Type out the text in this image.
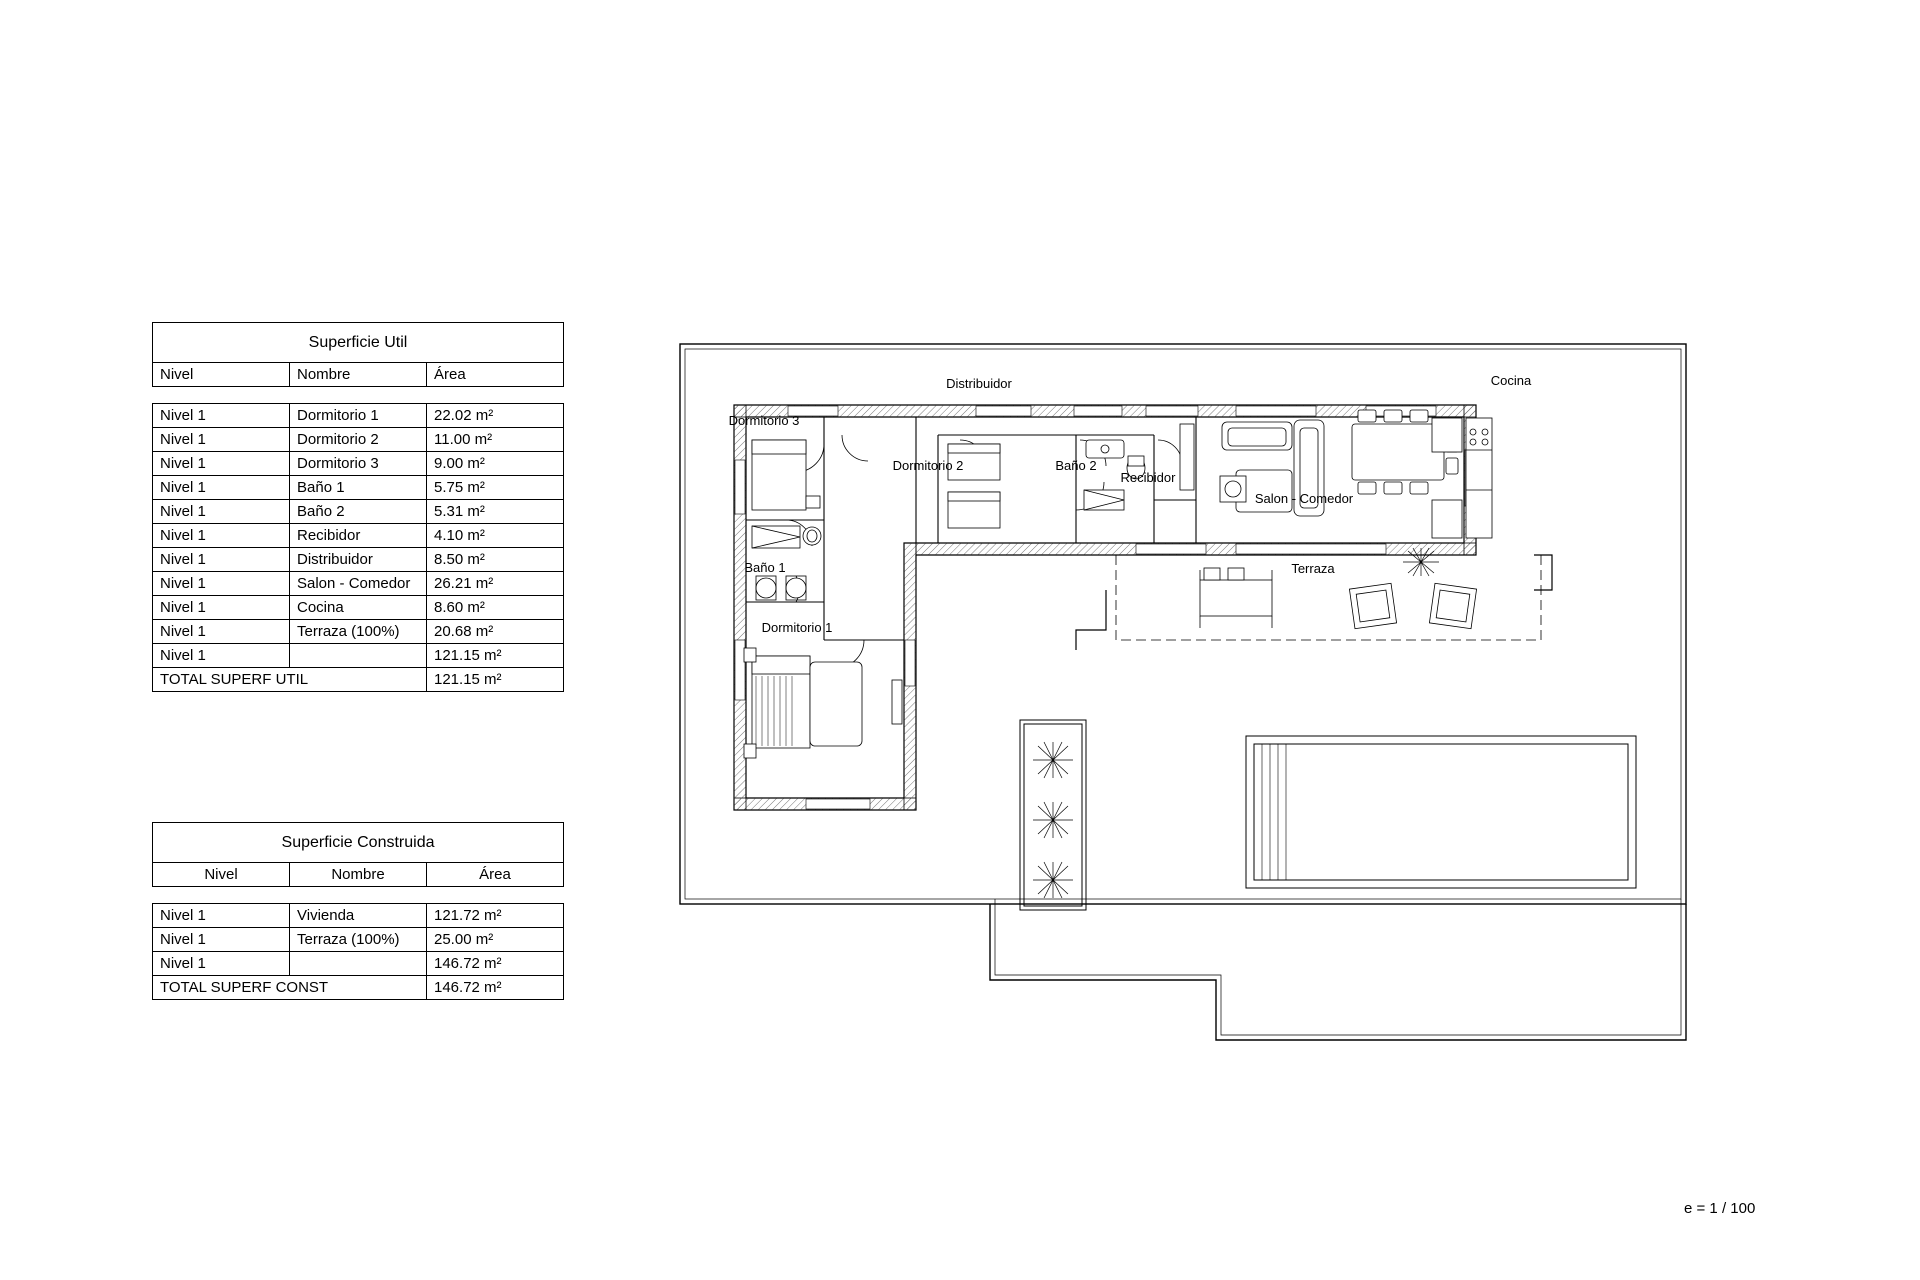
Superficie Util		
Nivel	Nombre	Área

Nivel 1	Dormitorio 1	22.02 m²
Nivel 1	Dormitorio 2	11.00 m²
Nivel 1	Dormitorio 3	9.00 m²
Nivel 1	Baño 1	5.75 m²
Nivel 1	Baño 2	5.31 m²
Nivel 1	Recibidor	4.10 m²
Nivel 1	Distribuidor	8.50 m²
Nivel 1	Salon - Comedor	26.21 m²
Nivel 1	Cocina	8.60 m²
Nivel 1	Terraza (100%)	20.68 m²
Nivel 1		121.15 m²
TOTAL SUPERF UTIL		121.15 m²
Superficie Construida		
Nivel	Nombre	Área

Nivel 1	Vivienda	121.72 m²
Nivel 1	Terraza (100%)	25.00 m²
Nivel 1		146.72 m²
TOTAL SUPERF CONST		146.72 m²
Dormitorio 3
Distribuidor	Cocina
Dormitorio 2	Baño 2
Recibidor
Salon - Comedor
Baño 1	Terraza
Dormitorio 1
e = 1 / 100
